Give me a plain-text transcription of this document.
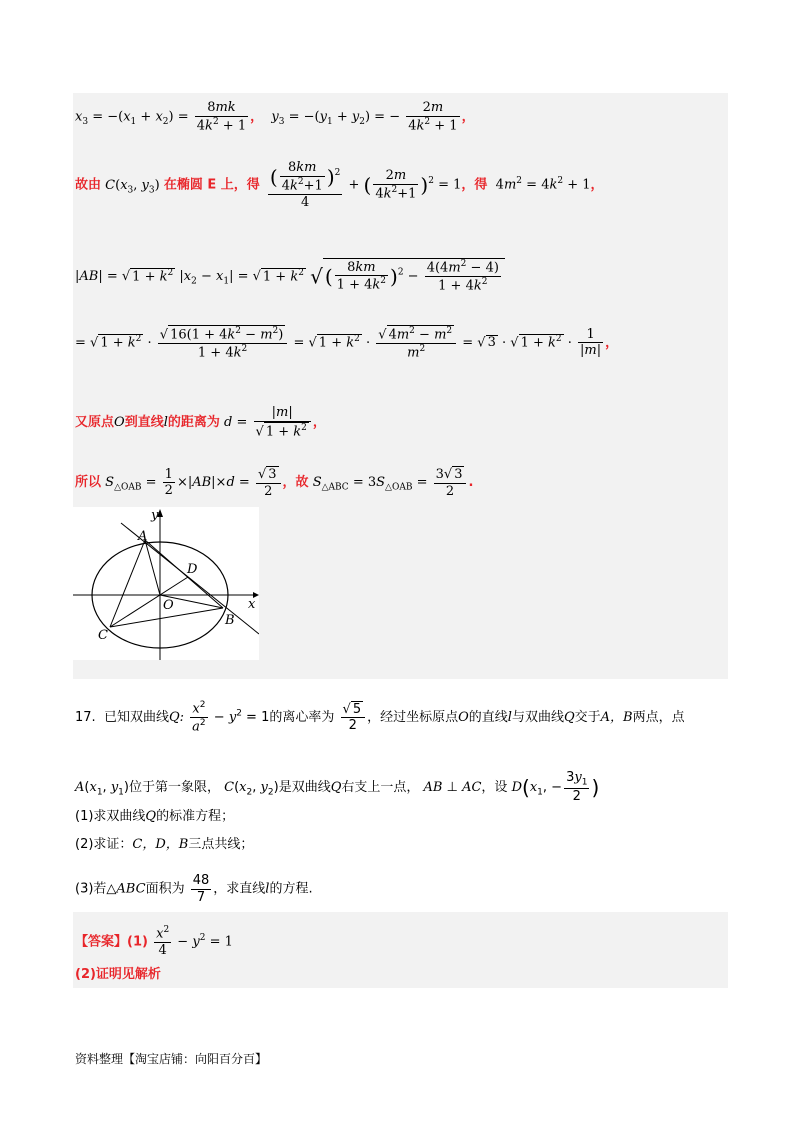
$x_3 = -(x_1 + x_2) = \frac{8mk}{4k^2 + 1}$ ， $y_3 = -(y_1 + y_2)$ = − $\frac{2m}{4k^2 + 1}$ ，
故由 $C(x_3$, $y_3$) 在椭圆 E 上，得 $\frac{( \frac{8km}{4k^2+1} )^2}{4}$ + ( $\frac{2m}{4k^2+1} )^2 = 1$，得  $4m^2 = 4k^2 + 1$，
|AB| = √ $1 + k^2$ $|x_2 - x_1|$ = √ $1 + k^2$ √ ( $\frac{8km}{1 + 4k^2} )^2 - \frac{4(4m^2 - 4)}{1 + 4k^2}$
= √ $1 + k^2 \cdot \frac{√ 16(1 + 4k^2 - m^2)}{1 + 4k^2}$ = √ $1 + k^2 \cdot \frac{√ 4m^2 - m^2}{m^2}$ = √ 3 · √ $1 + k^2 \cdot \frac{1}{|m|}$ ，
又原点O到直线l的距离为 $d = \frac{|m|}{√ 1 + k^2}$ ，
所以 $S_{\triangle OAB} = \frac{1}{2} \times|AB|\times d = \frac{√ 3}{2}$ ，故 $S_{\triangle ABC} = 3S_{\triangle OAB} = \frac{3√ 3}{2}$ .
y
x
A
B
C
D
O
17. 已知双曲线Q: $\frac{x^2}{a^2} - y^2 = 1$的离心率为 $\frac{√ 5}{2}$ ，经过坐标原点O的直线l与双曲线Q交于A，B两点，点
$A(x_1$, $y_1$)位于第一象限， $C(x_2$, $y_2$)是双曲线Q右支上一点， AB ⊥ AC，设 $D(x_1$, − $\frac{3y_1}{2}$ )
(1)求双曲线Q的标准方程；
(2)求证：C，D，B三点共线；
(3)若△ABC面积为 $\frac{48}{7}$ ，求直线l的方程.
【答案】$(1) \frac{x^2}{4} - y^2 = 1$
(2)证明见解析
资料整理【淘宝店铺：向阳百分百】
